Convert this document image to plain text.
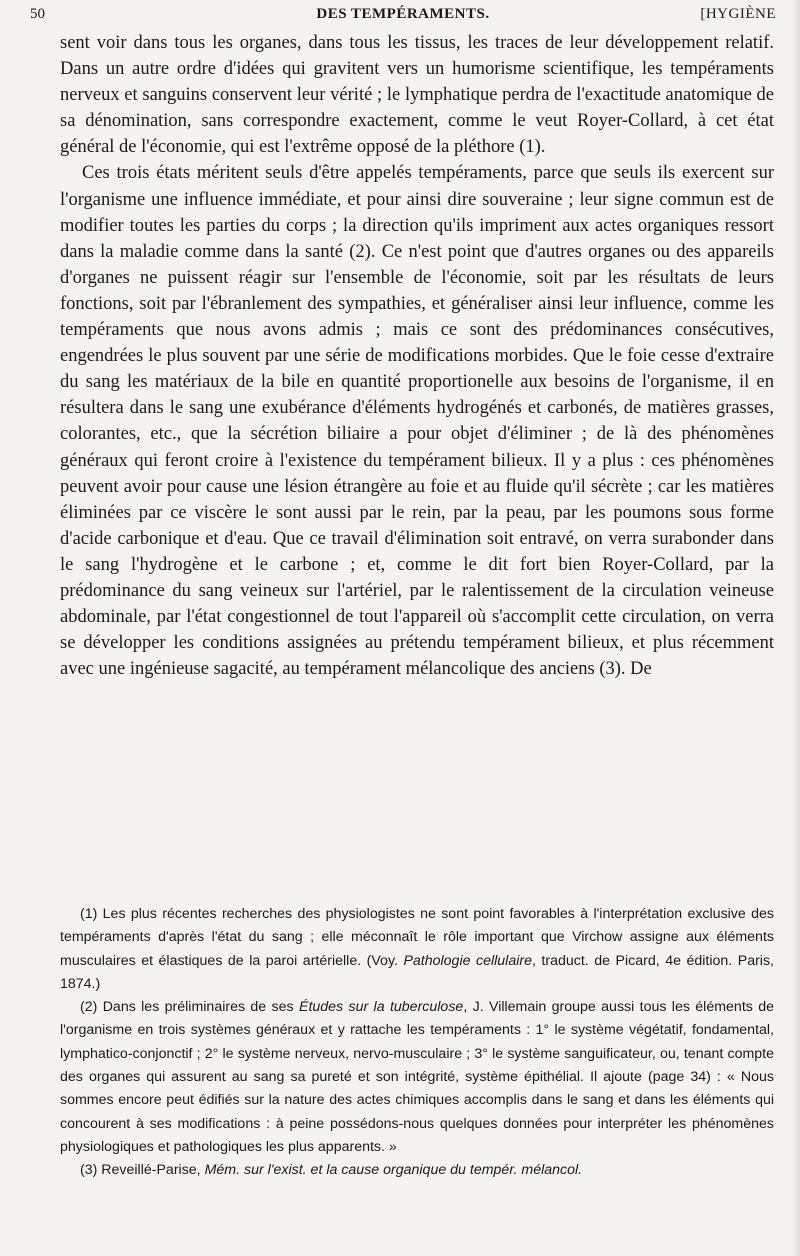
50	DES TEMPÉRAMENTS.	[HYGIÈNE

sent voir dans tous les organes, dans tous les tissus, les traces de leur développement relatif. Dans un autre ordre d'idées qui gravitent vers un humorisme scientifique, les tempéraments nerveux et sanguins conservent leur vérité ; le lymphatique perdra de l'exactitude anatomique de sa dénomination, sans correspondre exactement, comme le veut Royer-Collard, à cet état général de l'économie, qui est l'extrême opposé de la pléthore (1).

Ces trois états méritent seuls d'être appelés tempéraments, parce que seuls ils exercent sur l'organisme une influence immédiate, et pour ainsi dire souveraine ; leur signe commun est de modifier toutes les parties du corps ; la direction qu'ils impriment aux actes organiques ressort dans la maladie comme dans la santé (2). Ce n'est point que d'autres organes ou des appareils d'organes ne puissent réagir sur l'ensemble de l'économie, soit par les résultats de leurs fonctions, soit par l'ébranlement des sympathies, et généraliser ainsi leur influence, comme les tempéraments que nous avons admis ; mais ce sont des prédominances consécutives, engendrées le plus souvent par une série de modifications morbides. Que le foie cesse d'extraire du sang les matériaux de la bile en quantité proportionelle aux besoins de l'organisme, il en résultera dans le sang une exubérance d'éléments hydrogénés et carbonés, de matières grasses, colorantes, etc., que la sécrétion biliaire a pour objet d'éliminer ; de là des phénomènes généraux qui feront croire à l'existence du tempérament bilieux. Il y a plus : ces phénomènes peuvent avoir pour cause une lésion étrangère au foie et au fluide qu'il sécrète ; car les matières éliminées par ce viscère le sont aussi par le rein, par la peau, par les poumons sous forme d'acide carbonique et d'eau. Que ce travail d'élimination soit entravé, on verra surabonder dans le sang l'hydrogène et le carbone ; et, comme le dit fort bien Royer-Collard, par la prédominance du sang veineux sur l'artériel, par le ralentissement de la circulation veineuse abdominale, par l'état congestionnel de tout l'appareil où s'accomplit cette circulation, on verra se développer les conditions assignées au prétendu tempérament bilieux, et plus récemment avec une ingénieuse sagacité, au tempérament mélancolique des anciens (3). De

(1) Les plus récentes recherches des physiologistes ne sont point favorables à l'interprétation exclusive des tempéraments d'après l'état du sang ; elle méconnaît le rôle important que Virchow assigne aux éléments musculaires et élastiques de la paroi artérielle. (Voy. Pathologie cellulaire, traduct. de Picard, 4e édition. Paris, 1874.)

(2) Dans les préliminaires de ses Études sur la tuberculose, J. Villemain groupe aussi tous les éléments de l'organisme en trois systèmes généraux et y rattache les tempéraments : 1° le système végétatif, fondamental, lymphatico-conjonctif ; 2° le système nerveux, nervo-musculaire ; 3° le système sanguificateur, ou, tenant compte des organes qui assurent au sang sa pureté et son intégrité, système épithélial. Il ajoute (page 34) : « Nous sommes encore peut édifiés sur la nature des actes chimiques accomplis dans le sang et dans les éléments qui concourent à ses modifications : à peine possédons-nous quelques données pour interpréter les phénomènes physiologiques et pathologiques les plus apparents. »

(3) Reveillé-Parise, Mém. sur l'exist. et la cause organique du tempér. mélancol.
